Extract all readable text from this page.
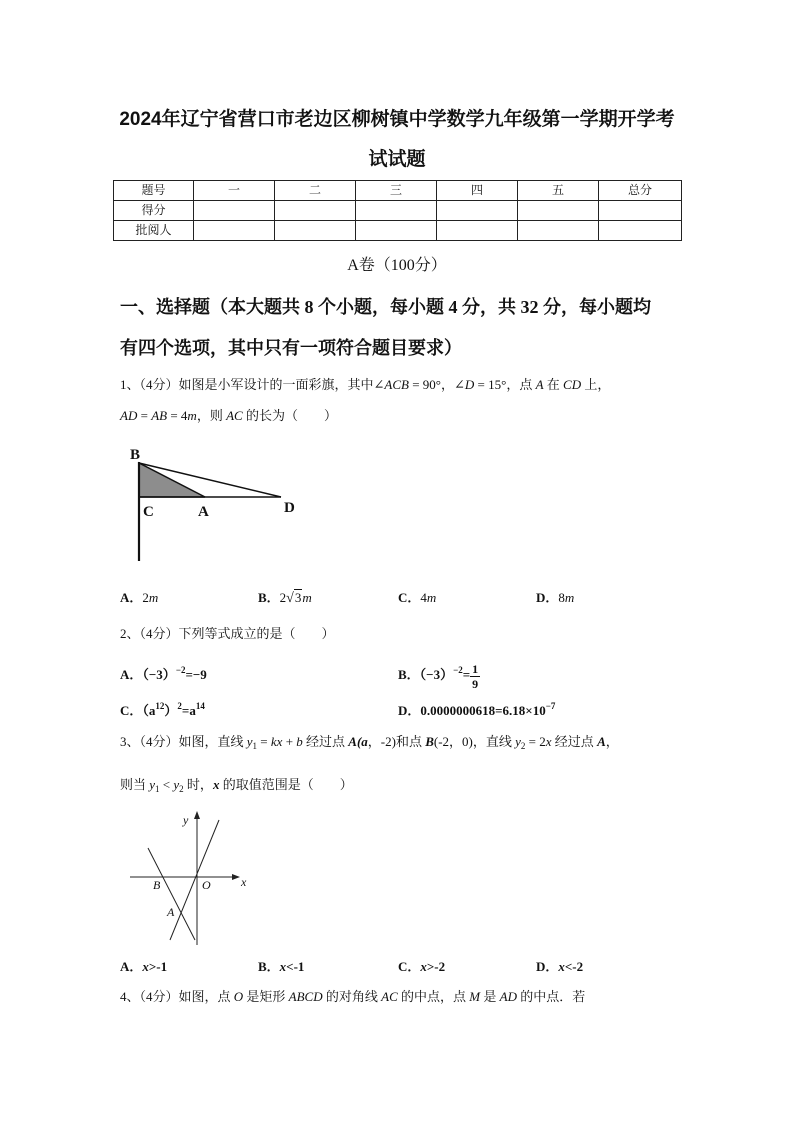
2024年辽宁省营口市老边区柳树镇中学数学九年级第一学期开学考
试试题
题号	一	二	三	四	五	总分
得分						
批阅人						
A卷（100分）
一、选择题（本大题共 8 个小题，每小题 4 分，共 32 分，每小题均
有四个选项，其中只有一项符合题目要求）
1、（4分）如图是小军设计的一面彩旗，其中∠ACB = 90°，∠D = 15°，点 A 在 CD 上，
AD = AB = 4m，则 AC 的长为（　　）
B
C	A	D
A．2m	B．2√3m	C．4m	D．8m
2、（4分）下列等式成立的是（　　）
A．$(-3)^{-2}=-9$	B．$(-3)^{-2}= \frac{1}{9}$
C．$(a^{12})^2=a^{14}$	D．$0.0000000618=6.18\times 10^{-7}$
3、（4分）如图，直线 $y_1$ = kx + b 经过点 A(a，-2)和点 B(-2，0)，直线 $y_2 = 2x$ 经过点 A，
则当 $y_1 < y_2$ 时，x 的取值范围是（　　）
y
x
O
B
A
A．x>-1	B．x<-1	C．x>-2	D．x<-2
4、（4分）如图，点 O 是矩形 ABCD 的对角线 AC 的中点，点 M 是 AD 的中点．若
